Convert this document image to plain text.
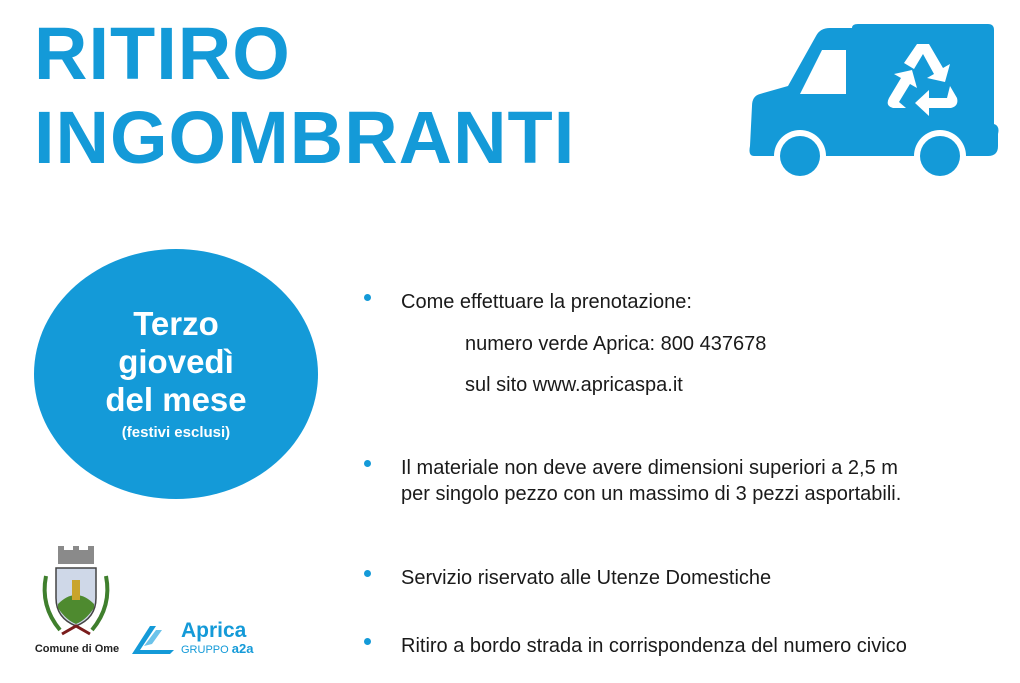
RITIRO
INGOMBRANTI
Terzo
giovedì
del mese
(festivi esclusi)
Come effettuare la prenotazione:
numero verde Aprica: 800 437678
sul sito www.apricaspa.it
Il materiale non deve avere dimensioni superiori a 2,5 m
per singolo pezzo con un massimo di 3 pezzi asportabili.
Servizio riservato alle Utenze Domestiche
Ritiro a bordo strada in corrispondenza del numero civico
Comune di Ome
Aprica
GRUPPO a2a
